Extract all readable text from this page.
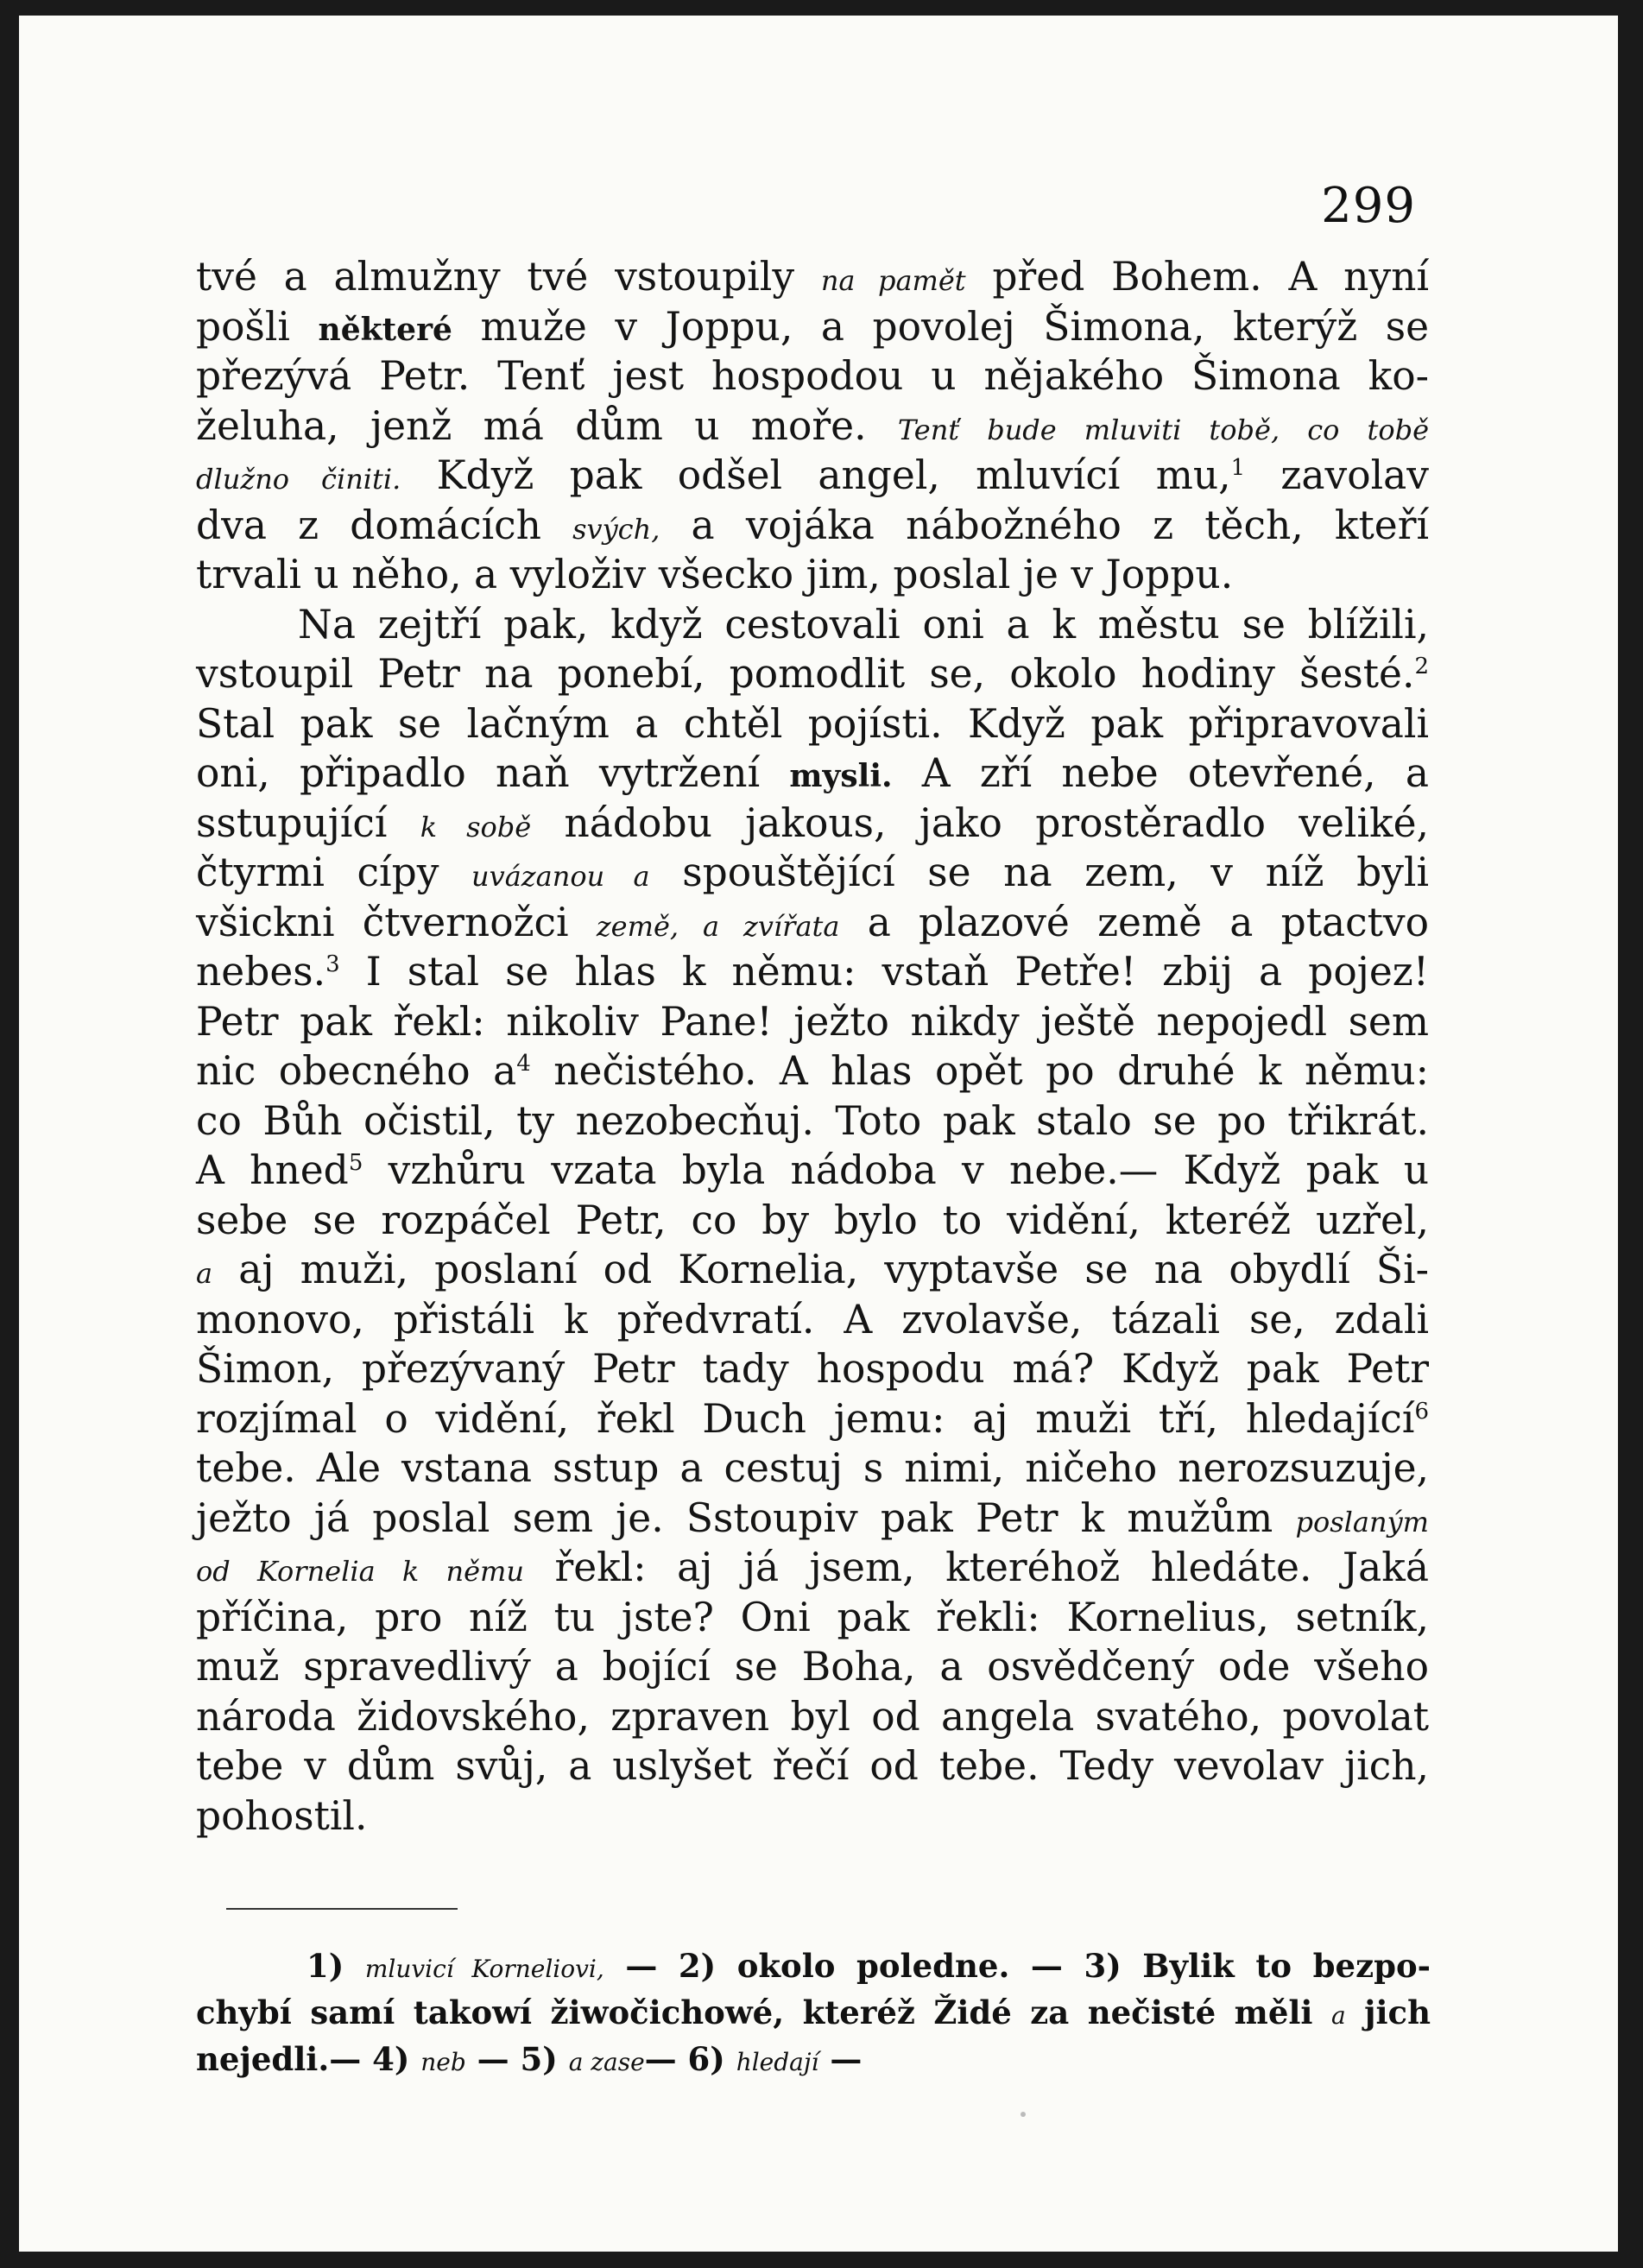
299
tvé a almužny tvé vstoupily na pamět před Bohem. A nyní
pošli některé muže v Joppu, a povolej Šimona, kterýž se
přezývá Petr. Tenť jest hospodou u nějakého Šimona ko-
želuha, jenž má dům u moře. Tenť bude mluviti tobě, co tobě
dlužno činiti. Když pak odšel angel, mluvící mu,$^1$ zavolav
dva z domácích svých, a vojáka nábožného z těch, kteří
trvali u něho, a vyloživ všecko jim, poslal je v Joppu.
Na zejtří pak, když cestovali oni a k městu se blížili,
vstoupil Petr na ponebí, pomodlit se, okolo hodiny šesté.$^2$
Stal pak se lačným a chtěl pojísti. Když pak připravovali
oni, připadlo naň vytržení mysli. A zří nebe otevřené, a
sstupující k sobě nádobu jakous, jako prostěradlo veliké,
čtyrmi cípy uvázanou a spouštějící se na zem, v níž byli
všickni čtvernožci země, a zvířata a plazové země a ptactvo
nebes.$^3$ I stal se hlas k němu: vstaň Petře! zbij a pojez!
Petr pak řekl: nikoliv Pane! ježto nikdy ještě nepojedl sem
nic obecného $a^4$ nečistého. A hlas opět po druhé k němu:
co Bůh očistil, ty nezobecňuj. Toto pak stalo se po třikrát.
A hned$^5$ vzhůru vzata byla nádoba v nebe.— Když pak u
sebe se rozpáčel Petr, co by bylo to vidění, kteréž uzřel,
a aj muži, poslaní od Kornelia, vyptavše se na obydlí Ši-
monovo, přistáli k předvratí. A zvolavše, tázali se, zdali
Šimon, přezývaný Petr tady hospodu má? Když pak Petr
rozjímal o vidění, řekl Duch jemu: aj muži tří, hledající$^6$
tebe. Ale vstana sstup a cestuj s nimi, ničeho nerozsuzuje,
ježto já poslal sem je. Sstoupiv pak Petr k mužům poslaným
od Kornelia k němu řekl: aj já jsem, kteréhož hledáte. Jaká
příčina, pro níž tu jste? Oni pak řekli: Kornelius, setník,
muž spravedlivý a bojící se Boha, a osvědčený ode všeho
národa židovského, zpraven byl od angela svatého, povolat
tebe v dům svůj, a uslyšet řečí od tebe. Tedy vevolav jich,
pohostil.
1) mluvicí Korneliovi, — 2) okolo poledne. — 3) Bylik to bezpo-
chybí samí takowí žiwočichowé, kteréž Židé za nečisté měli a jich
nejedli.— 4) neb — 5) a zase— 6) hledají —
